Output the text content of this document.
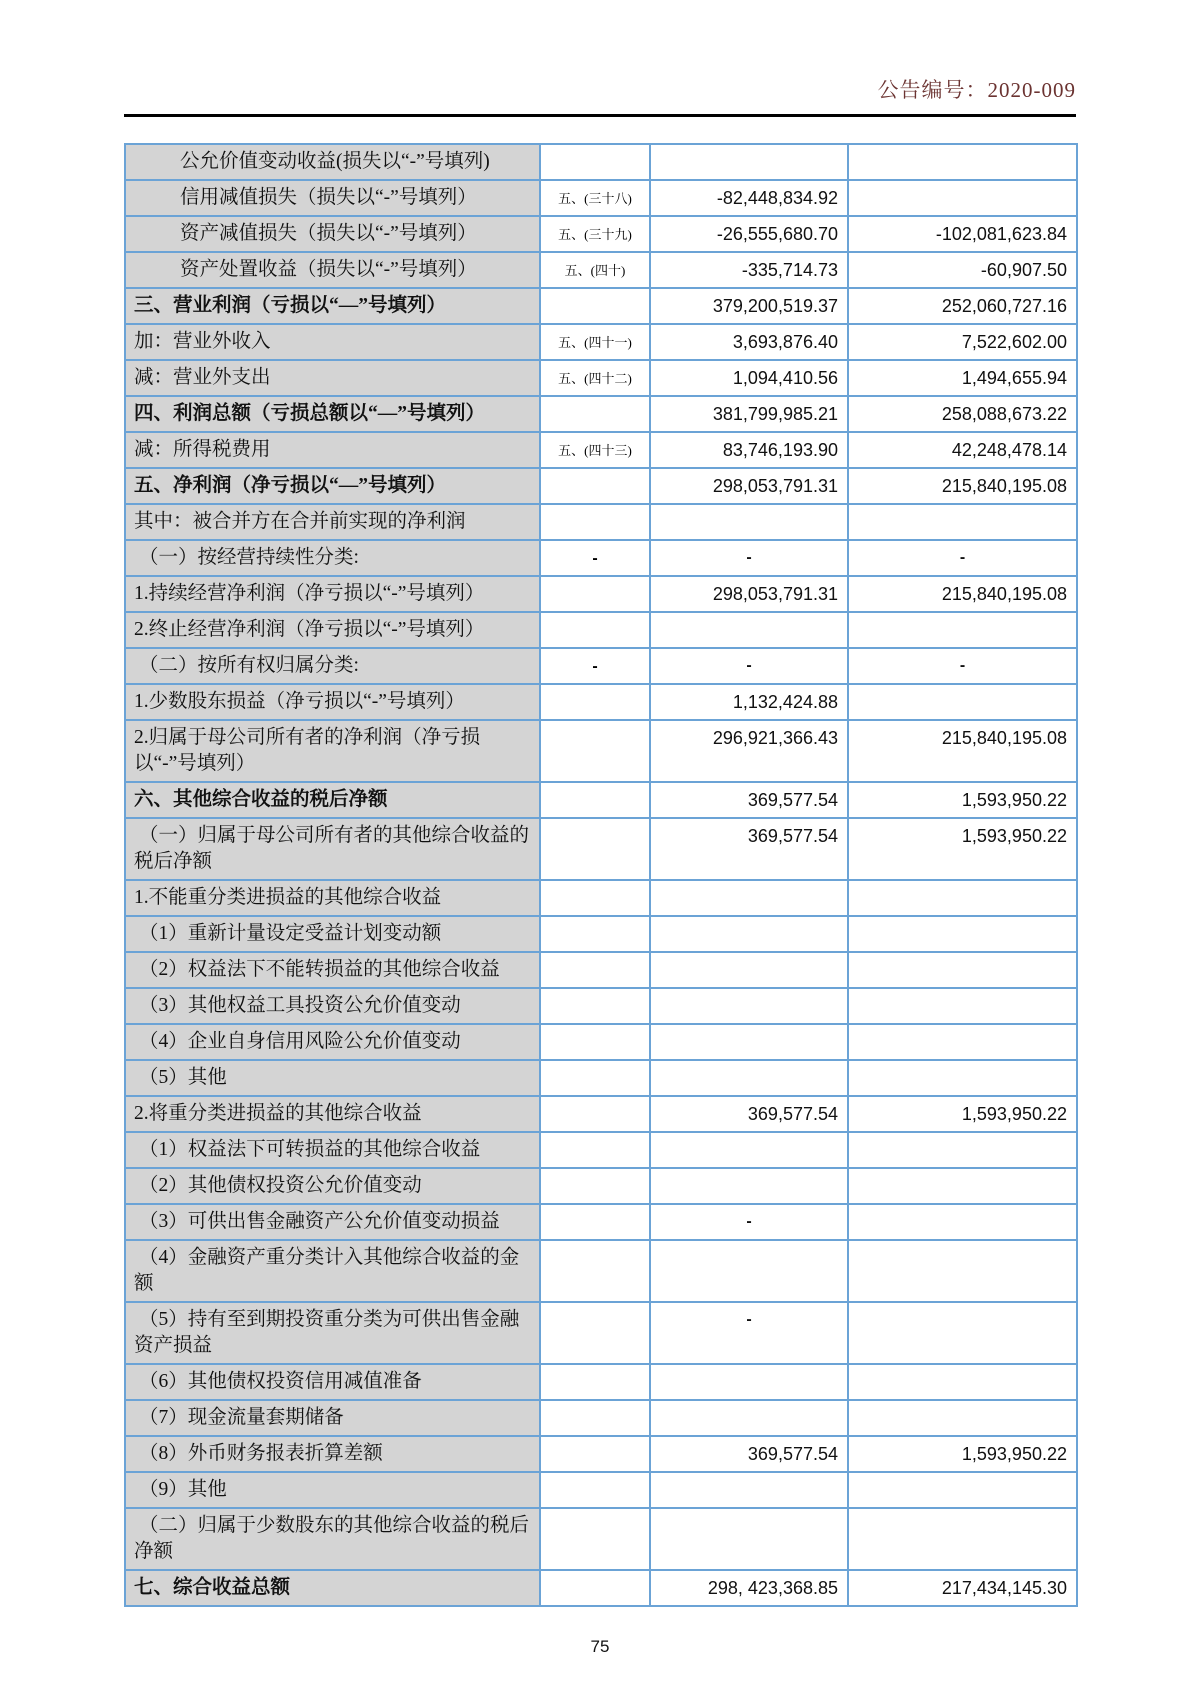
公告编号：2020-009
公允价值变动收益(损失以“-”号填列)			
信用减值损失（损失以“-”号填列）	五、(三十八)	-82,448,834.92	
资产减值损失（损失以“-”号填列）	五、(三十九)	-26,555,680.70	-102,081,623.84
资产处置收益（损失以“-”号填列）	五、(四十)	-335,714.73	-60,907.50
三、营业利润（亏损以“—”号填列）		379,200,519.37	252,060,727.16
加：营业外收入	五、(四十一)	3,693,876.40	7,522,602.00
减：营业外支出	五、(四十二)	1,094,410.56	1,494,655.94
四、利润总额（亏损总额以“—”号填列）		381,799,985.21	258,088,673.22
减：所得税费用	五、(四十三)	83,746,193.90	42,248,478.14
五、净利润（净亏损以“—”号填列）		298,053,791.31	215,840,195.08
其中：被合并方在合并前实现的净利润			
（一）按经营持续性分类:	-	-	-
1.持续经营净利润（净亏损以“-”号填列）		298,053,791.31	215,840,195.08
2.终止经营净利润（净亏损以“-”号填列）			
（二）按所有权归属分类:	-	-	-
1.少数股东损益（净亏损以“-”号填列）		1,132,424.88	
2.归属于母公司所有者的净利润（净亏损以“-”号填列）		296,921,366.43	215,840,195.08
六、其他综合收益的税后净额		369,577.54	1,593,950.22
（一）归属于母公司所有者的其他综合收益的税后净额		369,577.54	1,593,950.22
1.不能重分类进损益的其他综合收益			
（1）重新计量设定受益计划变动额			
（2）权益法下不能转损益的其他综合收益			
（3）其他权益工具投资公允价值变动			
（4）企业自身信用风险公允价值变动			
（5）其他			
2.将重分类进损益的其他综合收益		369,577.54	1,593,950.22
（1）权益法下可转损益的其他综合收益			
（2）其他债权投资公允价值变动			
（3）可供出售金融资产公允价值变动损益		-	
（4）金融资产重分类计入其他综合收益的金额			
（5）持有至到期投资重分类为可供出售金融资产损益		-	
（6）其他债权投资信用减值准备			
（7）现金流量套期储备			
（8）外币财务报表折算差额		369,577.54	1,593,950.22
（9）其他			
（二）归属于少数股东的其他综合收益的税后净额			
七、综合收益总额		298, 423,368.85	217,434,145.30
75
